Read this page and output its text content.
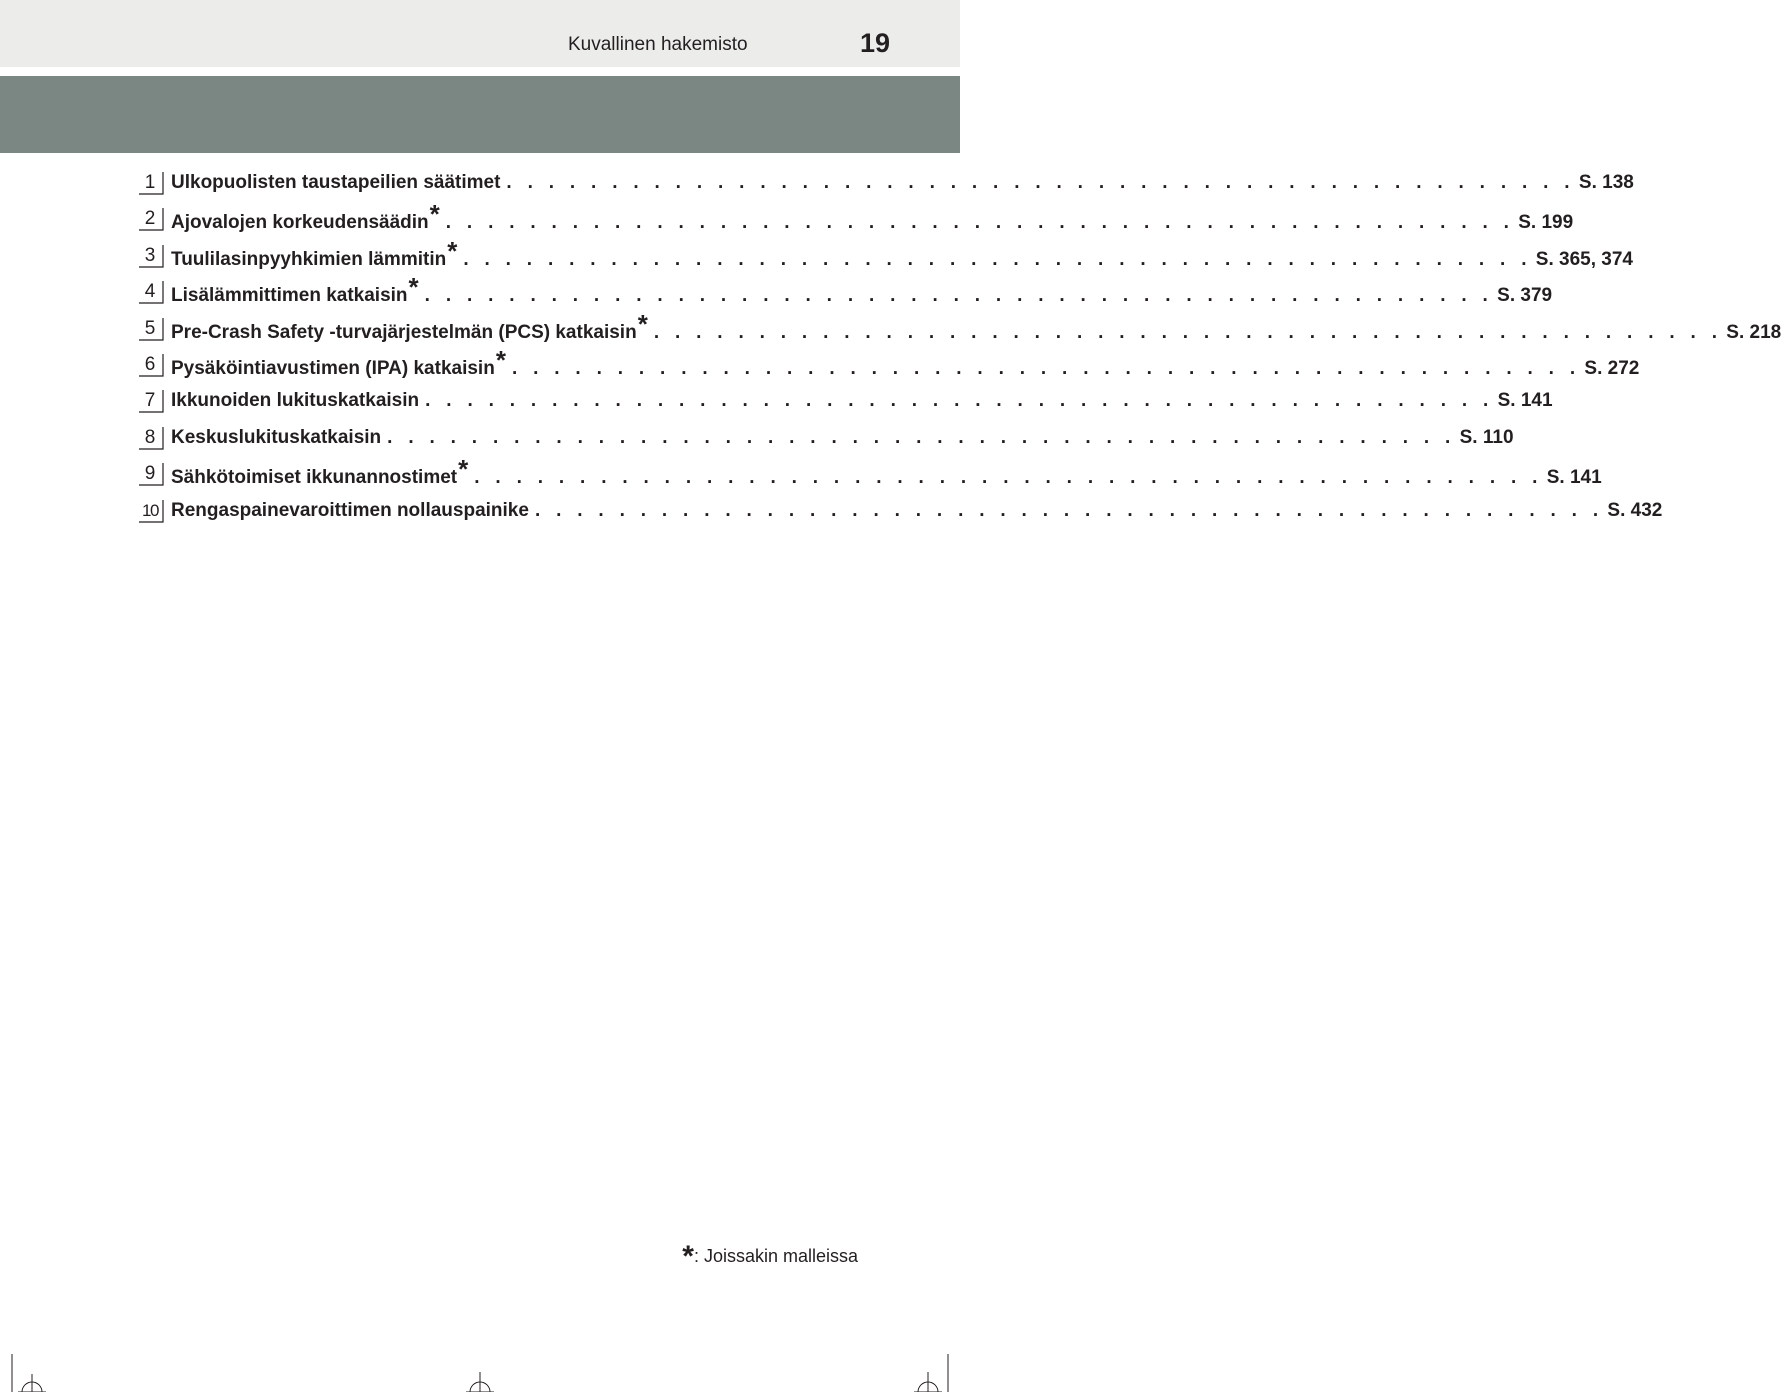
Kuvallinen hakemisto	19
1 Ulkopuolisten taustapeilien säätimet . . . . . . . . . . . . . . . . . . . . . . . . . . . . . . . . . . . . . . . . . . . . . . . . . . . S. 138
2 Ajovalojen korkeudensäädin * . . . . . . . . . . . . . . . . . . . . . . . . . . . . . . . . . . . . . . . . . . . . . . . . . . . S. 199
3 Tuulilasinpyyhkimien lämmitin * . . . . . . . . . . . . . . . . . . . . . . . . . . . . . . . . . . . . . . . . . . . . . . . . . . . S. 365, 374
4 Lisälämmittimen katkaisin * . . . . . . . . . . . . . . . . . . . . . . . . . . . . . . . . . . . . . . . . . . . . . . . . . . . S. 379
5 Pre-Crash Safety -turvajärjestelmän (PCS) katkaisin * . . . . . . . . . . . . . . . . . . . . . . . . . . . . . . . . . . . . . . . . . . . . . . . . . . . S. 218
6 Pysäköintiavustimen (IPA) katkaisin * . . . . . . . . . . . . . . . . . . . . . . . . . . . . . . . . . . . . . . . . . . . . . . . . . . . S. 272
7 Ikkunoiden lukituskatkaisin . . . . . . . . . . . . . . . . . . . . . . . . . . . . . . . . . . . . . . . . . . . . . . . . . . . S. 141
8 Keskuslukituskatkaisin . . . . . . . . . . . . . . . . . . . . . . . . . . . . . . . . . . . . . . . . . . . . . . . . . . . S. 110
9 Sähkötoimiset ikkunannostimet * . . . . . . . . . . . . . . . . . . . . . . . . . . . . . . . . . . . . . . . . . . . . . . . . . . . S. 141
10 Rengaspainevaroittimen nollauspainike . . . . . . . . . . . . . . . . . . . . . . . . . . . . . . . . . . . . . . . . . . . . . . . . . . . S. 432
*: Joissakin malleissa
